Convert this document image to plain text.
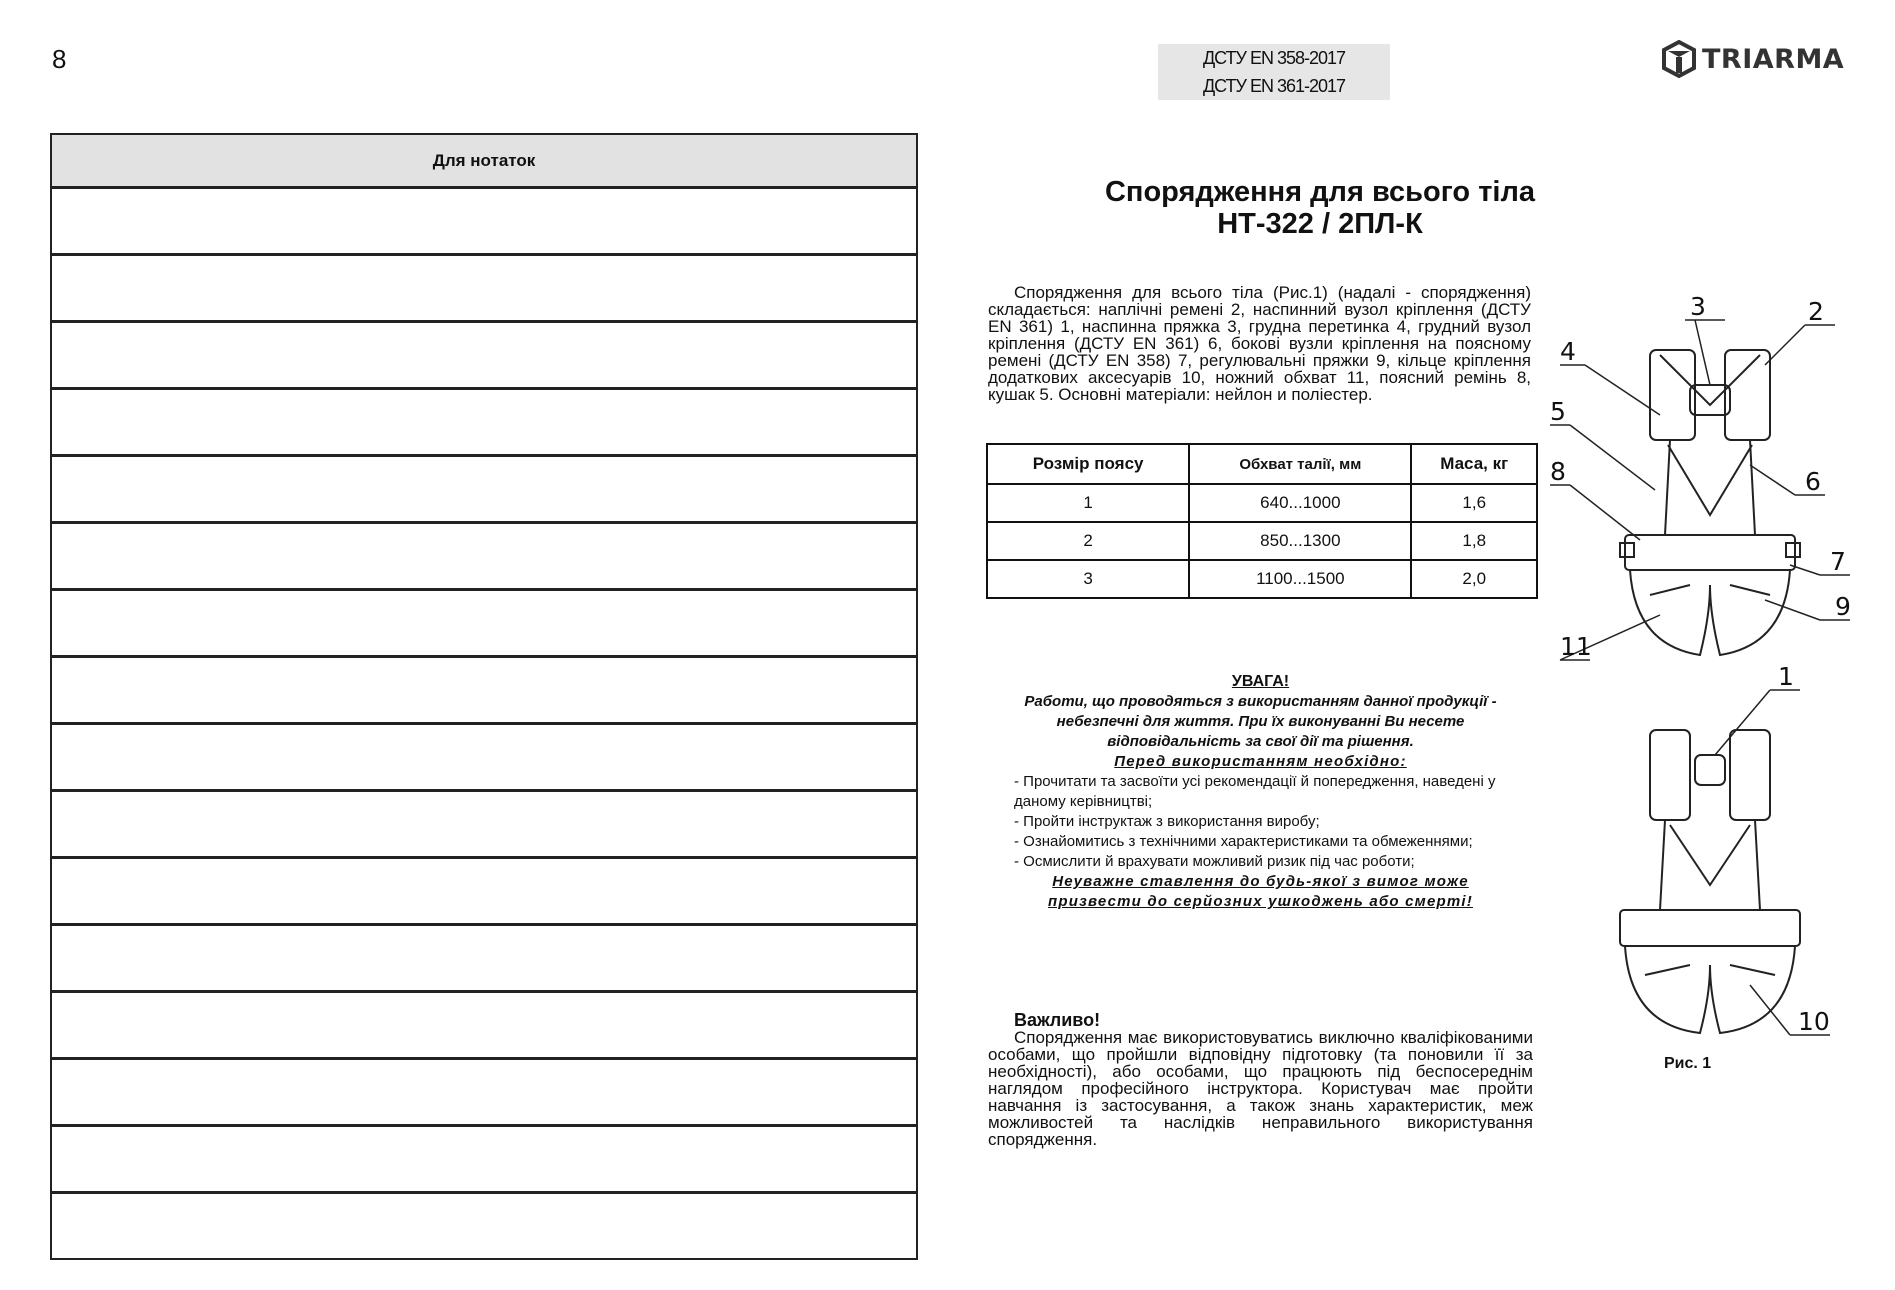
8	ДСТУ EN 358-2017
ДСТУ EN 361-2017
TRIARMA
Для нотаток
Спорядження для всього тіла
НТ-322 / 2ПЛ-К
Спорядження для всього тіла (Рис.1) (надалі - спорядження) складається: наплічні ремені 2, наспинний вузол кріплення (ДСТУ EN 361) 1, наспинна пряжка 3, грудна перетинка 4, грудний вузол кріплення (ДСТУ EN 361) 6, бокові вузли кріплення на поясному ремені (ДСТУ EN 358) 7, регулювальні пряжки 9, кільце кріплення додаткових аксесуарів 10, ножний обхват 11, поясний ремінь 8, кушак 5. Основні матеріали: нейлон и поліестер.
Розмір поясу	Обхват талії, мм	Маса, кг
1	640...1000	1,6
2	850...1300	1,8
3	1100...1500	2,0
УВАГА!
Работи, що проводяться з використанням данної продукції -
небезпечні для життя. При їх виконуванні Ви несете
відповідальність за свої дії та рішення.
Перед використанням необхідно:
- Прочитати та засвоїти усі рекомендації й попередження, наведені у даному керівництві;
- Пройти інструктаж з використання виробу;
- Ознайомитись з технічними характеристиками та обмеженнями;
- Осмислити й врахувати можливий ризик під час роботи;
Неуважне ставлення до будь-якої з вимог може
призвести до серйозних ушкоджень або смерті!
Важливо!
Спорядження має використовуватись виключно кваліфікованими особами, що пройшли відповідну підготовку (та поновили її за необхідності), або особами, що працюють під беспосереднім наглядом професійного інструктора. Користувач має пройти навчання із застосування, а також знань характеристик, меж можливостей та наслідків неправильного використування спорядження.
3	2
4
5
8	6
7
9
11
1
10
Рис. 1
